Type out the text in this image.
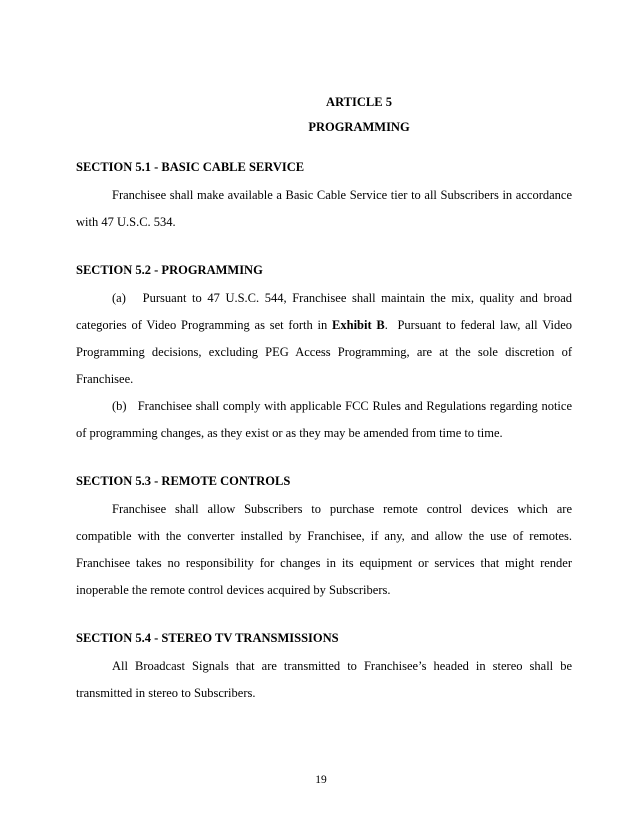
ARTICLE 5

PROGRAMMING

SECTION 5.1 - BASIC CABLE SERVICE

Franchisee shall make available a Basic Cable Service tier to all Subscribers in accordance with 47 U.S.C. 534.

SECTION 5.2 - PROGRAMMING

(a)   Pursuant to 47 U.S.C. 544, Franchisee shall maintain the mix, quality and broad categories of Video Programming as set forth in Exhibit B.  Pursuant to federal law, all Video Programming decisions, excluding PEG Access Programming, are at the sole discretion of Franchisee.

(b)   Franchisee shall comply with applicable FCC Rules and Regulations regarding notice of programming changes, as they exist or as they may be amended from time to time.

SECTION 5.3 - REMOTE CONTROLS

Franchisee shall allow Subscribers to purchase remote control devices which are compatible with the converter installed by Franchisee, if any, and allow the use of remotes. Franchisee takes no responsibility for changes in its equipment or services that might render inoperable the remote control devices acquired by Subscribers.

SECTION 5.4 - STEREO TV TRANSMISSIONS

All Broadcast Signals that are transmitted to Franchisee’s headed in stereo shall be transmitted in stereo to Subscribers.

19
